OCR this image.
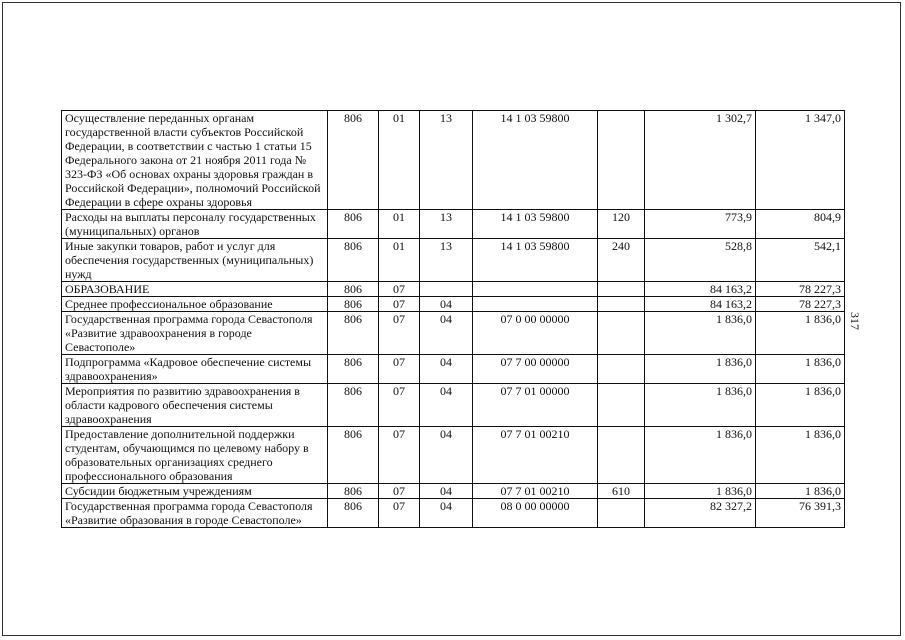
317
Осуществление переданных органам государственной власти субъектов Российской Федерации, в соответствии с частью 1 статьи 15 Федерального закона от 21 ноября 2011 года № 323-ФЗ «Об основах охраны здоровья граждан в Российской Федерации», полномочий Российской Федерации в сфере охраны здоровья	806	01	13	14 1 03 59800		1 302,7	1 347,0
Расходы на выплаты персоналу государственных (муниципальных) органов	806	01	13	14 1 03 59800	120	773,9	804,9
Иные закупки товаров, работ и услуг для обеспечения государственных (муниципальных) нужд	806	01	13	14 1 03 59800	240	528,8	542,1
ОБРАЗОВАНИЕ	806	07				84 163,2	78 227,3
Среднее профессиональное образование	806	07	04			84 163,2	78 227,3
Государственная программа города Севастополя «Развитие здравоохранения в городе Севастополе»	806	07	04	07 0 00 00000		1 836,0	1 836,0
Подпрограмма «Кадровое обеспечение системы здравоохранения»	806	07	04	07 7 00 00000		1 836,0	1 836,0
Мероприятия по развитию здравоохранения в области кадрового обеспечения системы здравоохранения	806	07	04	07 7 01 00000		1 836,0	1 836,0
Предоставление дополнительной поддержки студентам, обучающимся по целевому набору в образовательных организациях среднего профессионального образования	806	07	04	07 7 01 00210		1 836,0	1 836,0
Субсидии бюджетным учреждениям	806	07	04	07 7 01 00210	610	1 836,0	1 836,0
Государственная программа города Севастополя «Развитие образования в городе Севастополе»	806	07	04	08 0 00 00000		82 327,2	76 391,3
